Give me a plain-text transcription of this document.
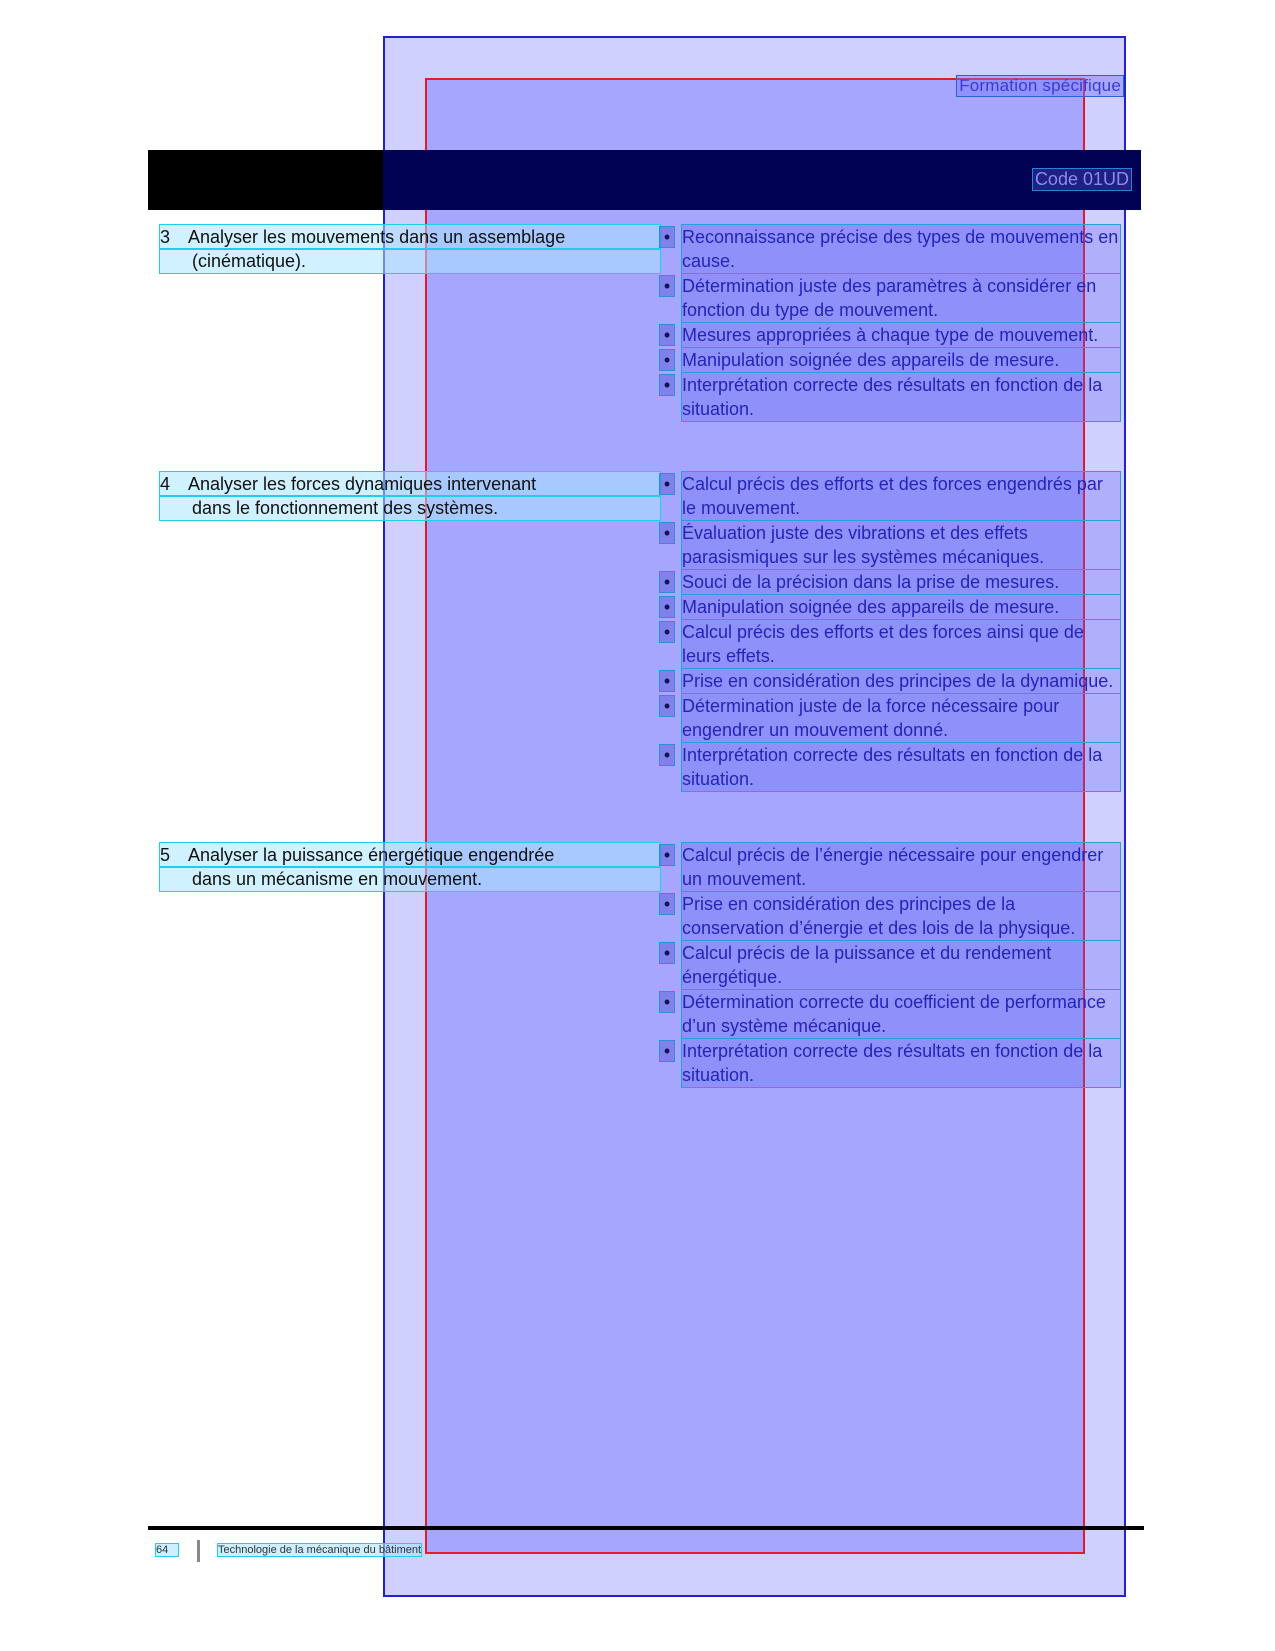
Formation spécifique
Code 01UD
3 Analyser les mouvements dans un assemblage
(cinématique).
• Reconnaissance précise des types de mouvements en cause.
• Détermination juste des paramètres à considérer en fonction du type de mouvement.
• Mesures appropriées à chaque type de mouvement.
• Manipulation soignée des appareils de mesure.
• Interprétation correcte des résultats en fonction de la situation.
4 Analyser les forces dynamiques intervenant
dans le fonctionnement des systèmes.
• Calcul précis des efforts et des forces engendrés par le mouvement.
• Évaluation juste des vibrations et des effets parasismiques sur les systèmes mécaniques.
• Souci de la précision dans la prise de mesures.
• Manipulation soignée des appareils de mesure.
• Calcul précis des efforts et des forces ainsi que de leurs effets.
• Prise en considération des principes de la dynamique.
• Détermination juste de la force nécessaire pour engendrer un mouvement donné.
• Interprétation correcte des résultats en fonction de la situation.
5 Analyser la puissance énergétique engendrée
dans un mécanisme en mouvement.
• Calcul précis de l’énergie nécessaire pour engendrer un mouvement.
• Prise en considération des principes de la conservation d’énergie et des lois de la physique.
• Calcul précis de la puissance et du rendement énergétique.
• Détermination correcte du coefficient de performance d’un système mécanique.
• Interprétation correcte des résultats en fonction de la situation.
64	Technologie de la mécanique du bâtiment
